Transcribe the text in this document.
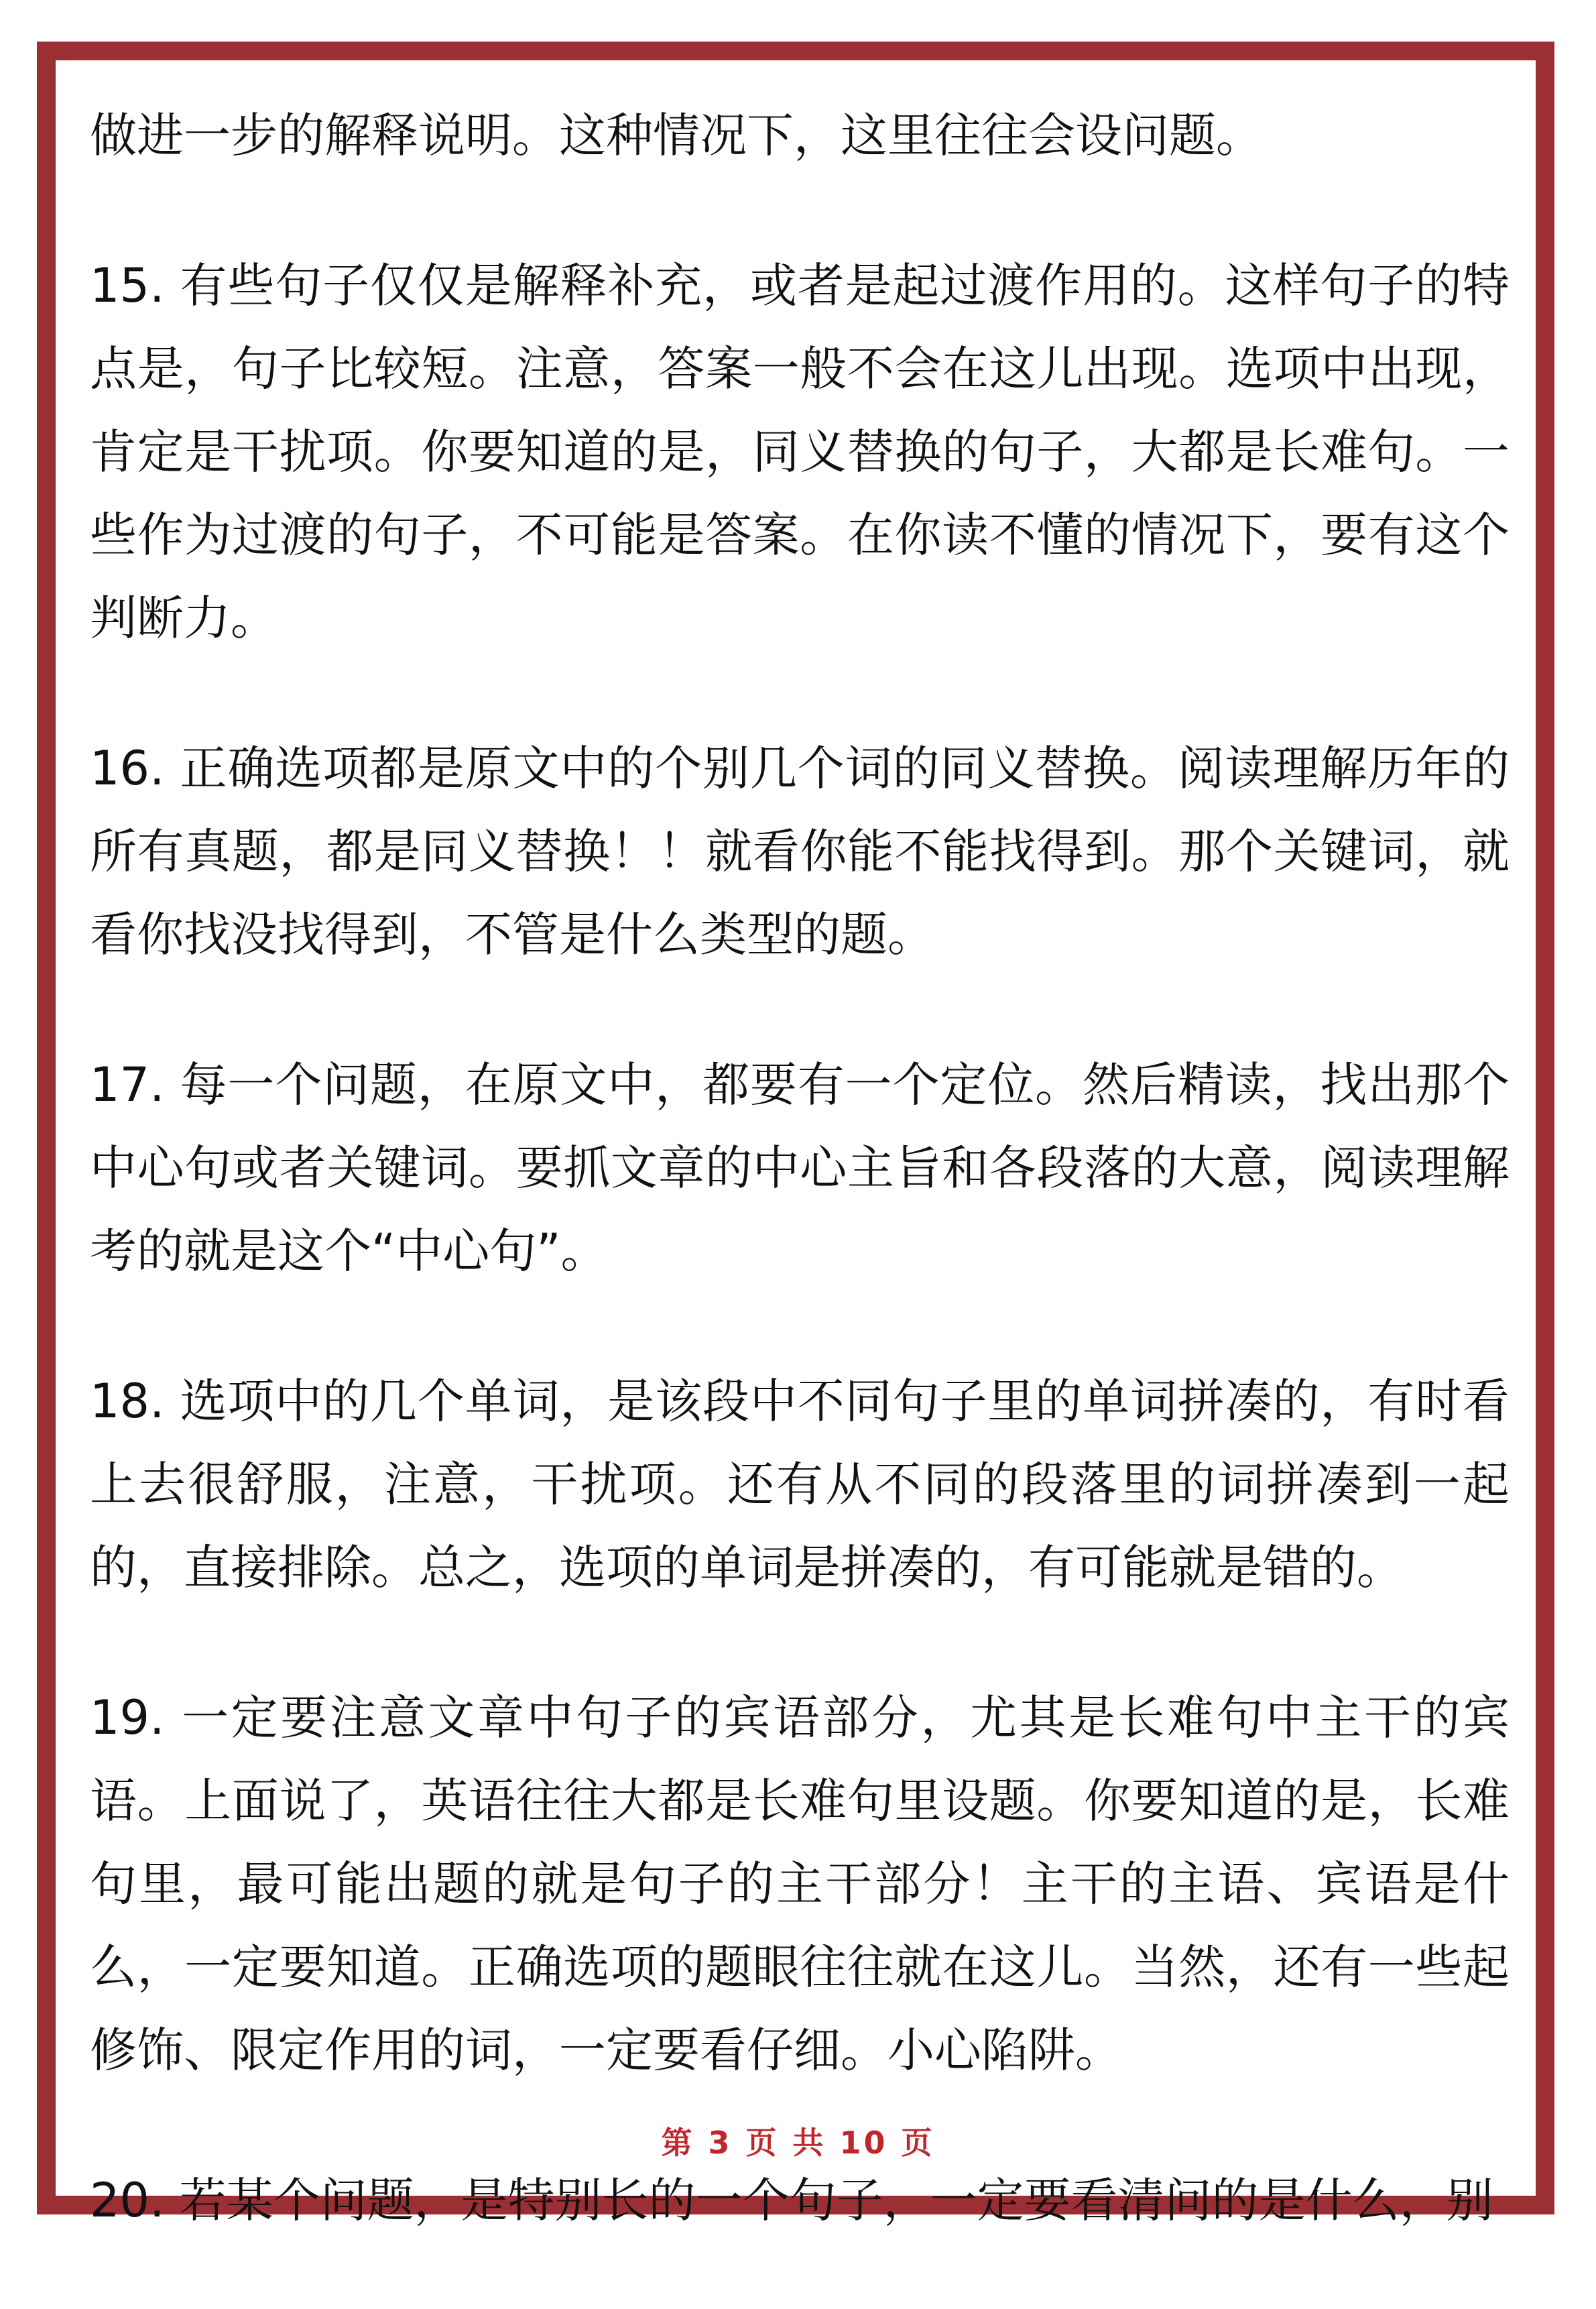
做进一步的解释说明。这种情况下，这里往往会设问题。

15. 有些句子仅仅是解释补充，或者是起过渡作用的。这样句子的特点是，句子比较短。注意，答案一般不会在这儿出现。选项中出现，肯定是干扰项。你要知道的是，同义替换的句子，大都是长难句。一些作为过渡的句子，不可能是答案。在你读不懂的情况下，要有这个判断力。

16. 正确选项都是原文中的个别几个词的同义替换。阅读理解历年的所有真题，都是同义替换！！就看你能不能找得到。那个关键词，就看你找没找得到，不管是什么类型的题。

17. 每一个问题，在原文中，都要有一个定位。然后精读，找出那个中心句或者关键词。要抓文章的中心主旨和各段落的大意，阅读理解考的就是这个“中心句”。

18. 选项中的几个单词，是该段中不同句子里的单词拼凑的，有时看上去很舒服，注意，干扰项。还有从不同的段落里的词拼凑到一起的，直接排除。总之，选项的单词是拼凑的，有可能就是错的。

19. 一定要注意文章中句子的宾语部分，尤其是长难句中主干的宾语。上面说了，英语往往大都是长难句里设题。你要知道的是，长难句里，最可能出题的就是句子的主干部分！主干的主语、宾语是什么，一定要知道。正确选项的题眼往往就在这儿。当然，还有一些起修饰、限定作用的词，一定要看仔细。小心陷阱。

20. 若某个问题，是特别长的一个句子，一定要看清问的是什么，别

第 3 页 共 10 页
